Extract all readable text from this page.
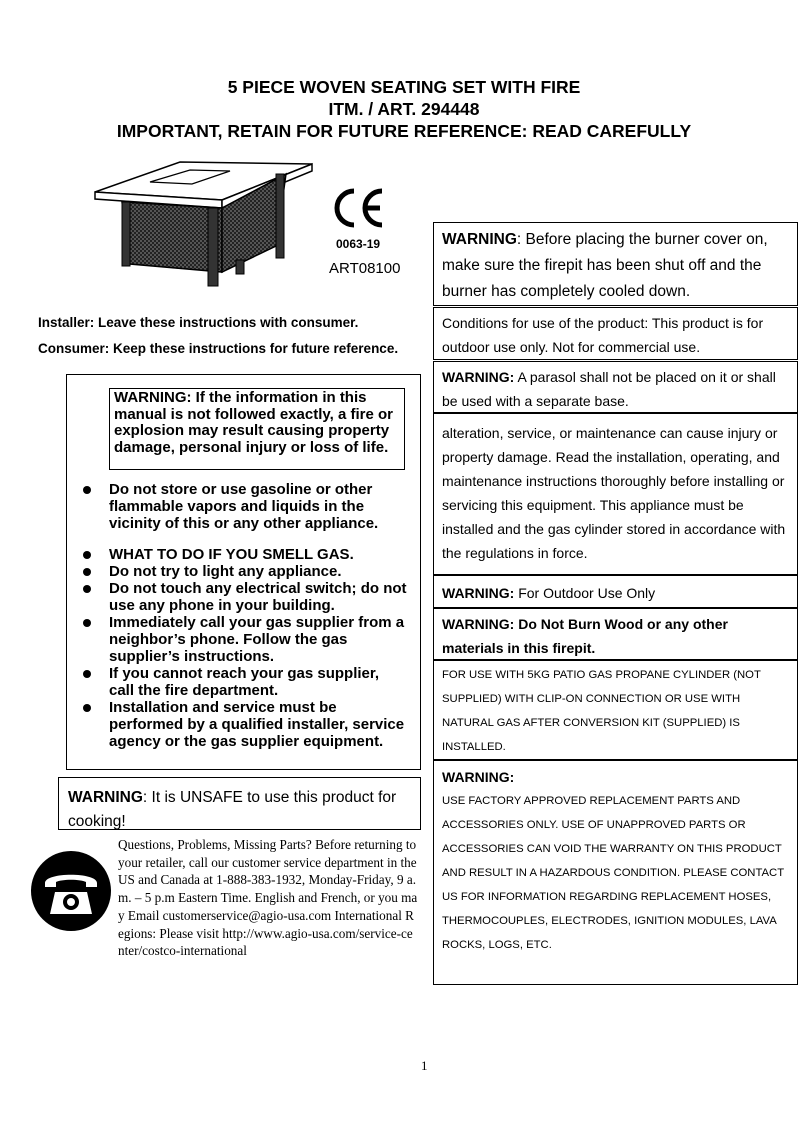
5 PIECE WOVEN SEATING SET WITH FIRE
ITM. / ART. 294448
IMPORTANT, RETAIN FOR FUTURE REFERENCE: READ CAREFULLY
0063-19
ART08100
Installer: Leave these instructions with consumer.
Consumer: Keep these instructions for future reference.
WARNING: If the information in this manual is not followed exactly, a fire or explosion may result causing property damage, personal injury or loss of life.
Do not store or use gasoline or other flammable vapors and liquids in the vicinity of this or any other appliance.
WHAT TO DO IF YOU SMELL GAS.
Do not try to light any appliance.
Do not touch any electrical switch; do not use any phone in your building.
Immediately call your gas supplier from a neighbor’s phone. Follow the gas supplier’s instructions.
If you cannot reach your gas supplier, call the fire department.
Installation and service must be performed by a qualified installer, service agency or the gas supplier equipment.
WARNING: It is UNSAFE to use this product for cooking!
Questions, Problems, Missing Parts? Before returning to your retailer, call our customer service department in the US and Canada at 1-888-383-1932, Monday-Friday, 9 a.m. – 5 p.m Eastern Time. English and French, or you may Email customerservice@agio-usa.com International Regions: Please visit http://www.agio-usa.com/service-center/costco-international
WARNING: Before placing the burner cover on, make sure the firepit has been shut off and the burner has completely cooled down.
Conditions for use of the product: This product is for outdoor use only. Not for commercial use.
WARNING: A parasol shall not be placed on it or shall be used with a separate base.
alteration, service, or maintenance can cause injury or property damage. Read the installation, operating, and maintenance instructions thoroughly before installing or servicing this equipment. This appliance must be installed and the gas cylinder stored in accordance with the regulations in force.
WARNING: For Outdoor Use Only
WARNING: Do Not Burn Wood or any other materials in this firepit.
FOR USE WITH 5KG PATIO GAS PROPANE CYLINDER (NOT SUPPLIED) WITH CLIP-ON CONNECTION OR USE WITH NATURAL GAS AFTER CONVERSION KIT (SUPPLIED) IS INSTALLED.
WARNING:
USE FACTORY APPROVED REPLACEMENT PARTS AND ACCESSORIES ONLY. USE OF UNAPPROVED PARTS OR ACCESSORIES CAN VOID THE WARRANTY ON THIS PRODUCT AND RESULT IN A HAZARDOUS CONDITION. PLEASE CONTACT US FOR INFORMATION REGARDING REPLACEMENT HOSES, THERMOCOUPLES, ELECTRODES, IGNITION MODULES, LAVA ROCKS, LOGS, ETC.
1
